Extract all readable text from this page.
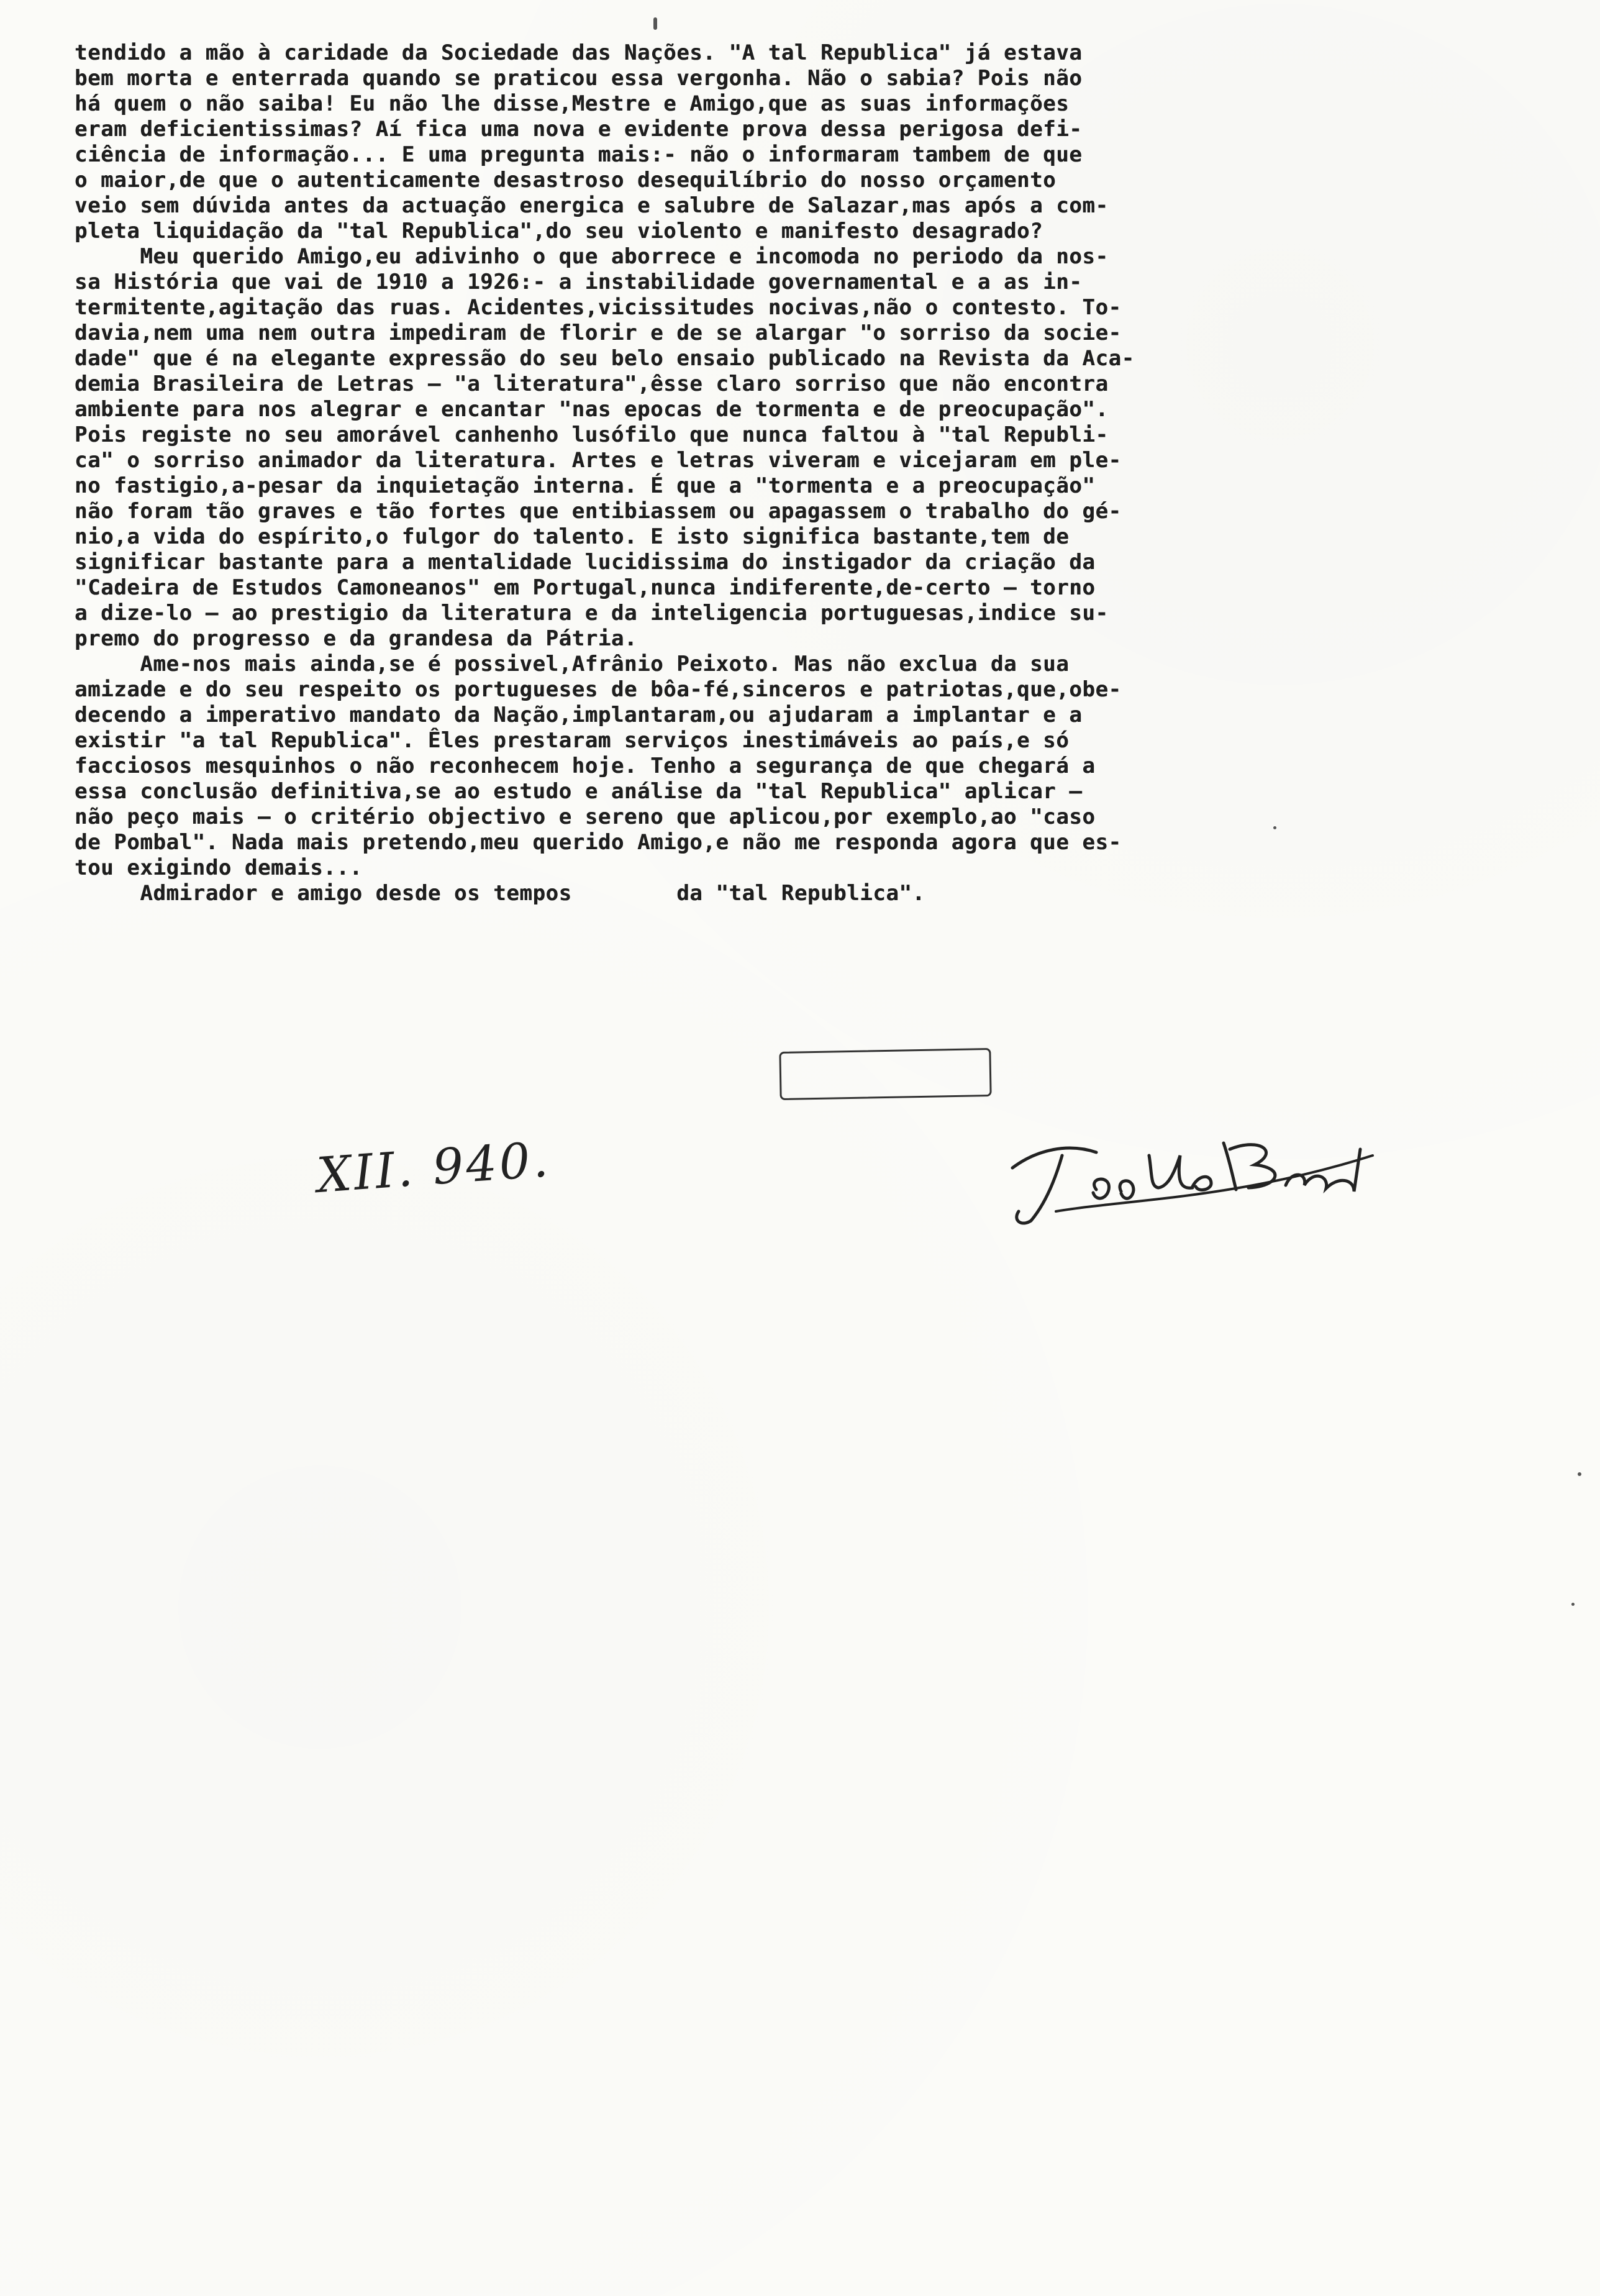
tendido a mão à caridade da Sociedade das Nações. "A tal Republica" já estava
bem morta e enterrada quando se praticou essa vergonha. Não o sabia? Pois não
há quem o não saiba! Eu não lhe disse,Mestre e Amigo,que as suas informações
eram deficientissimas? Aí fica uma nova e evidente prova dessa perigosa defi-
ciência de informação... E uma pregunta mais:- não o informaram tambem de que
o maior,de que o autenticamente desastroso desequilíbrio do nosso orçamento
veio sem dúvida antes da actuação energica e salubre de Salazar,mas após a com-
pleta liquidação da "tal Republica",do seu violento e manifesto desagrado?
Meu querido Amigo,eu adivinho o que aborrece e incomoda no periodo da nos-
sa História que vai de 1910 a 1926:- a instabilidade governamental e a as in-
termitente,agitação das ruas. Acidentes,vicissitudes nocivas,não o contesto. To-
davia,nem uma nem outra impediram de florir e de se alargar "o sorriso da socie-
dade" que é na elegante expressão do seu belo ensaio publicado na Revista da Aca-
demia Brasileira de Letras — "a literatura",êsse claro sorriso que não encontra
ambiente para nos alegrar e encantar "nas epocas de tormenta e de preocupação".
Pois registe no seu amorável canhenho lusófilo que nunca faltou à "tal Republi-
ca" o sorriso animador da literatura. Artes e letras viveram e vicejaram em ple-
no fastigio,a-pesar da inquietação interna. É que a "tormenta e a preocupação"
não foram tão graves e tão fortes que entibiassem ou apagassem o trabalho do gé-
nio,a vida do espírito,o fulgor do talento. E isto significa bastante,tem de
significar bastante para a mentalidade lucidissima do instigador da criação da
"Cadeira de Estudos Camoneanos" em Portugal,nunca indiferente,de-certo — torno
a dize-lo — ao prestigio da literatura e da inteligencia portuguesas,indice su-
premo do progresso e da grandesa da Pátria.
Ame-nos mais ainda,se é possivel,Afrânio Peixoto. Mas não exclua da sua
amizade e do seu respeito os portugueses de bôa-fé,sinceros e patriotas,que,obe-
decendo a imperativo mandato da Nação,implantaram,ou ajudaram a implantar e a
existir "a tal Republica". Êles prestaram serviços inestimáveis ao país,e só
facciosos mesquinhos o não reconhecem hoje. Tenho a segurança de que chegará a
essa conclusão definitiva,se ao estudo e análise da "tal Republica" aplicar —
não peço mais — o critério objectivo e sereno que aplicou,por exemplo,ao "caso
de Pombal". Nada mais pretendo,meu querido Amigo,e não me responda agora que es-
tou exigindo demais...
Admirador e amigo desde os tempos        da "tal Republica".
XII. 940.
